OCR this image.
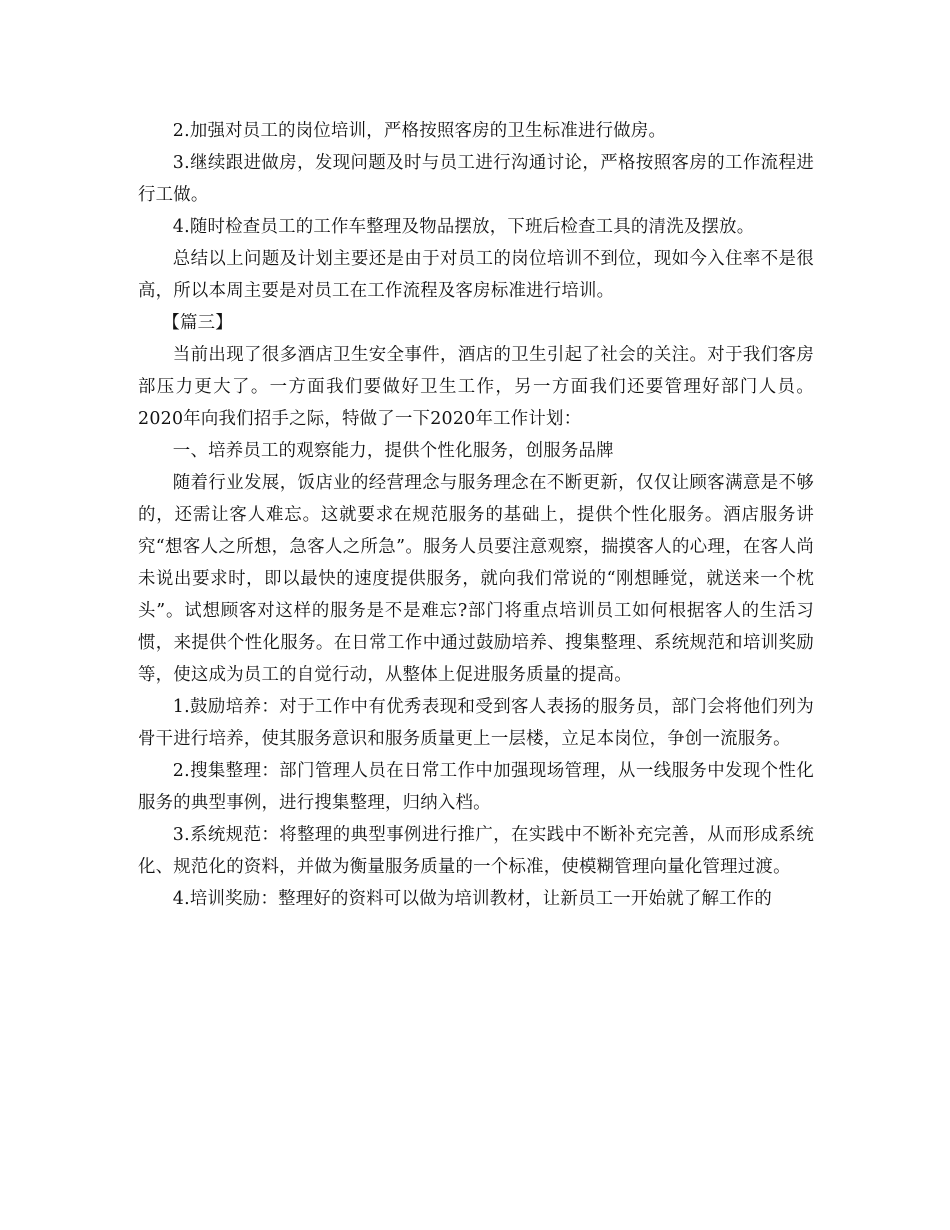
2.加强对员工的岗位培训，严格按照客房的卫生标准进行做房。

3.继续跟进做房，发现问题及时与员工进行沟通讨论，严格按照客房的工作流程进行工做。

4.随时检查员工的工作车整理及物品摆放，下班后检查工具的清洗及摆放。

总结以上问题及计划主要还是由于对员工的岗位培训不到位，现如今入住率不是很高，所以本周主要是对员工在工作流程及客房标准进行培训。

【篇三】

当前出现了很多酒店卫生安全事件，酒店的卫生引起了社会的关注。对于我们客房部压力更大了。一方面我们要做好卫生工作，另一方面我们还要管理好部门人员。2020年向我们招手之际，特做了一下2020年工作计划：

一、培养员工的观察能力，提供个性化服务，创服务品牌

随着行业发展，饭店业的经营理念与服务理念在不断更新，仅仅让顾客满意是不够的，还需让客人难忘。这就要求在规范服务的基础上，提供个性化服务。酒店服务讲究“想客人之所想，急客人之所急”。服务人员要注意观察，揣摸客人的心理，在客人尚未说出要求时，即以最快的速度提供服务，就向我们常说的“刚想睡觉，就送来一个枕头”。试想顾客对这样的服务是不是难忘?部门将重点培训员工如何根据客人的生活习惯，来提供个性化服务。在日常工作中通过鼓励培养、搜集整理、系统规范和培训奖励等，使这成为员工的自觉行动，从整体上促进服务质量的提高。

1.鼓励培养：对于工作中有优秀表现和受到客人表扬的服务员，部门会将他们列为骨干进行培养，使其服务意识和服务质量更上一层楼，立足本岗位，争创一流服务。

2.搜集整理：部门管理人员在日常工作中加强现场管理，从一线服务中发现个性化服务的典型事例，进行搜集整理，归纳入档。

3.系统规范：将整理的典型事例进行推广，在实践中不断补充完善，从而形成系统化、规范化的资料，并做为衡量服务质量的一个标准，使模糊管理向量化管理过渡。

4.培训奖励：整理好的资料可以做为培训教材，让新员工一开始就了解工作的
